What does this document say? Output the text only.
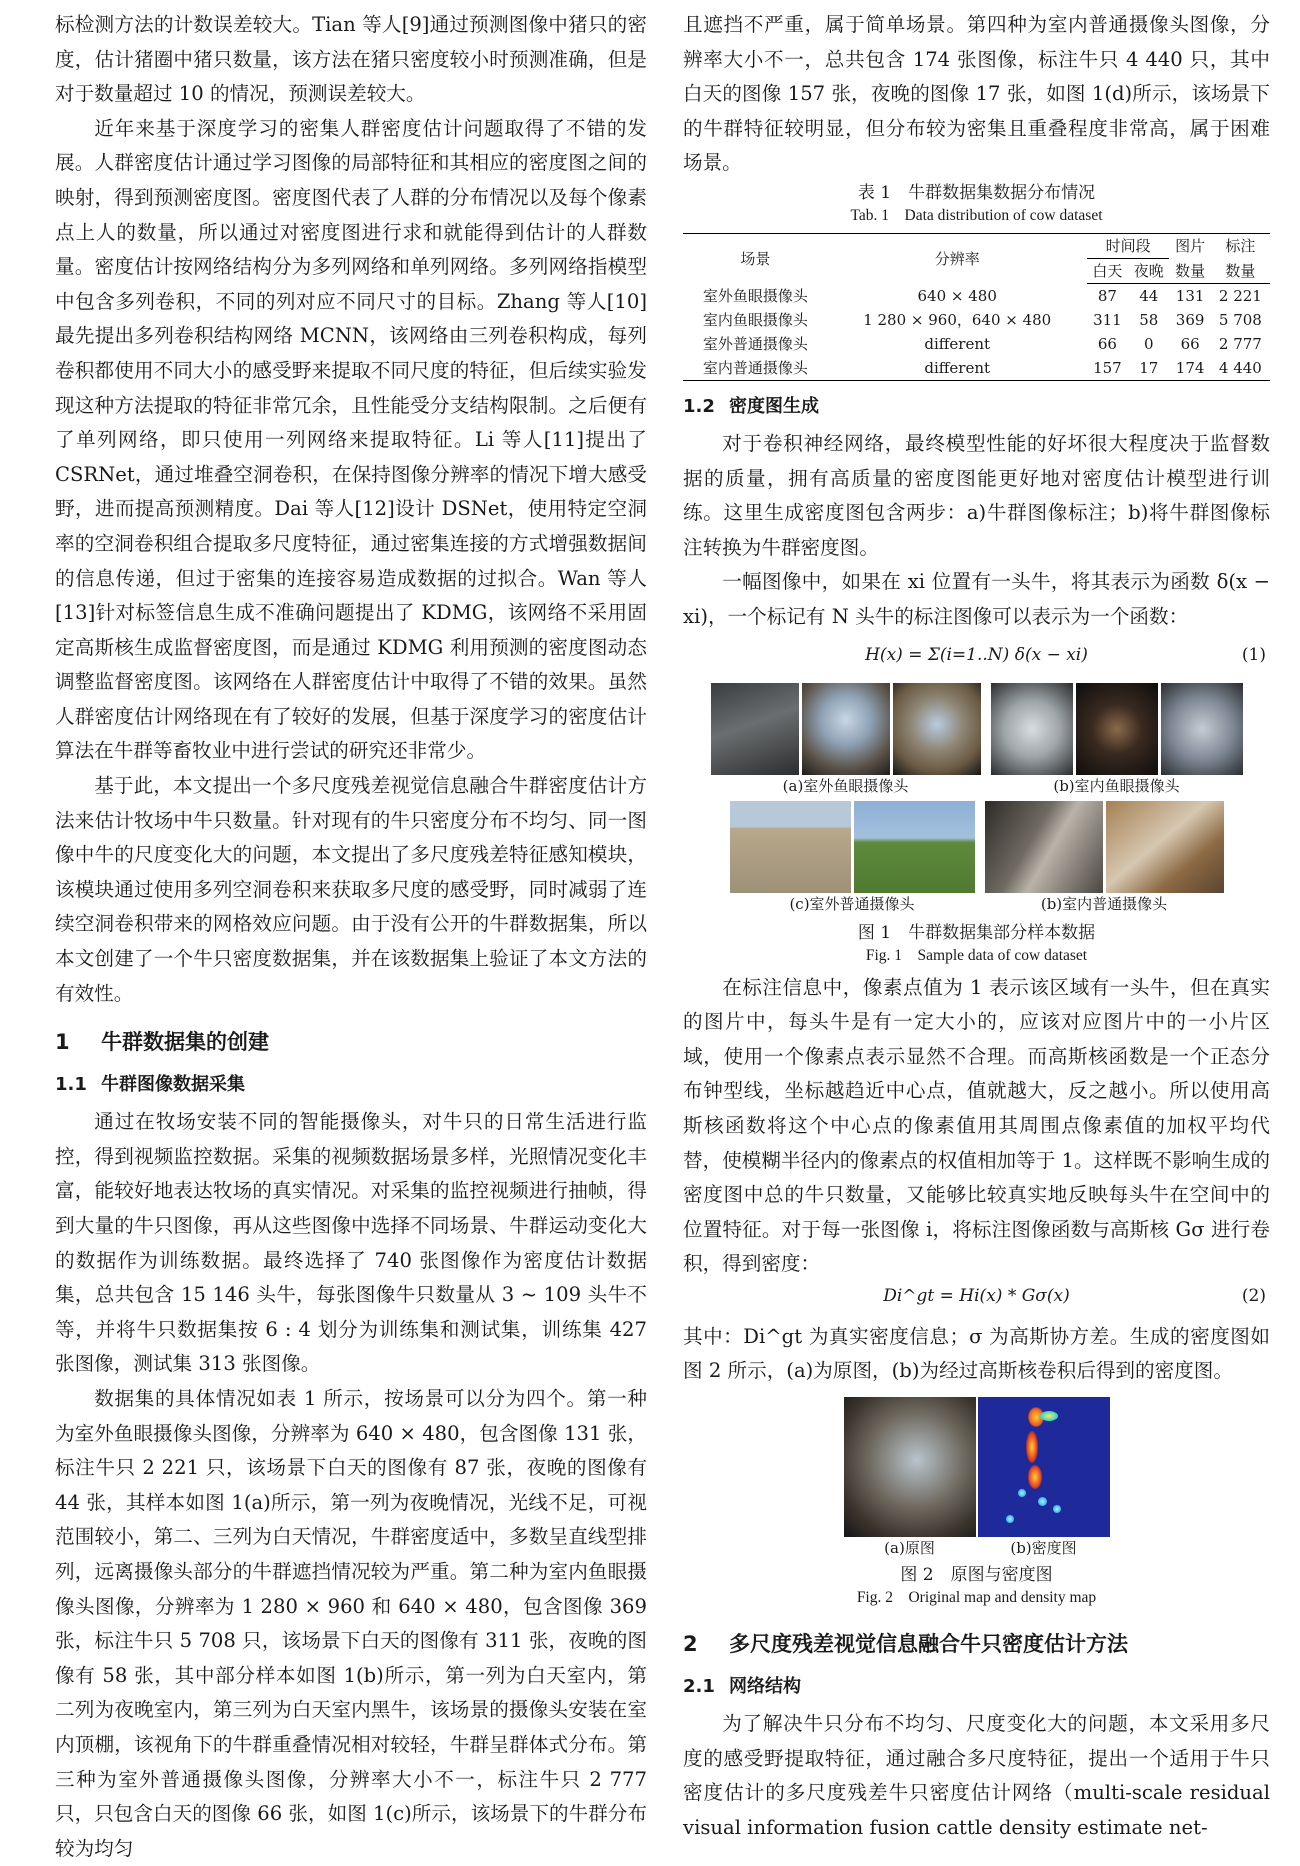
标检测方法的计数误差较大。Tian 等人[9]通过预测图像中猪只的密度，估计猪圈中猪只数量，该方法在猪只密度较小时预测准确，但是对于数量超过 10 的情况，预测误差较大。

近年来基于深度学习的密集人群密度估计问题取得了不错的发展。人群密度估计通过学习图像的局部特征和其相应的密度图之间的映射，得到预测密度图。密度图代表了人群的分布情况以及每个像素点上人的数量，所以通过对密度图进行求和就能得到估计的人群数量。密度估计按网络结构分为多列网络和单列网络。多列网络指模型中包含多列卷积，不同的列对应不同尺寸的目标。Zhang 等人[10]最先提出多列卷积结构网络 MCNN，该网络由三列卷积构成，每列卷积都使用不同大小的感受野来提取不同尺度的特征，但后续实验发现这种方法提取的特征非常冗余，且性能受分支结构限制。之后便有了单列网络，即只使用一列网络来提取特征。Li 等人[11]提出了 CSRNet，通过堆叠空洞卷积，在保持图像分辨率的情况下增大感受野，进而提高预测精度。Dai 等人[12]设计 DSNet，使用特定空洞率的空洞卷积组合提取多尺度特征，通过密集连接的方式增强数据间的信息传递，但过于密集的连接容易造成数据的过拟合。Wan 等人[13]针对标签信息生成不准确问题提出了 KDMG，该网络不采用固定高斯核生成监督密度图，而是通过 KDMG 利用预测的密度图动态调整监督密度图。该网络在人群密度估计中取得了不错的效果。虽然人群密度估计网络现在有了较好的发展，但基于深度学习的密度估计算法在牛群等畜牧业中进行尝试的研究还非常少。

基于此，本文提出一个多尺度残差视觉信息融合牛群密度估计方法来估计牧场中牛只数量。针对现有的牛只密度分布不均匀、同一图像中牛的尺度变化大的问题，本文提出了多尺度残差特征感知模块，该模块通过使用多列空洞卷积来获取多尺度的感受野，同时减弱了连续空洞卷积带来的网格效应问题。由于没有公开的牛群数据集，所以本文创建了一个牛只密度数据集，并在该数据集上验证了本文方法的有效性。

1 牛群数据集的创建
1.1 牛群图像数据采集

通过在牧场安装不同的智能摄像头，对牛只的日常生活进行监控，得到视频监控数据。采集的视频数据场景多样，光照情况变化丰富，能较好地表达牧场的真实情况。对采集的监控视频进行抽帧，得到大量的牛只图像，再从这些图像中选择不同场景、牛群运动变化大的数据作为训练数据。最终选择了 740 张图像作为密度估计数据集，总共包含 15 146 头牛，每张图像牛只数量从 3 ~ 109 头牛不等，并将牛只数据集按 6 : 4 划分为训练集和测试集，训练集 427 张图像，测试集 313 张图像。

数据集的具体情况如表 1 所示，按场景可以分为四个。第一种为室外鱼眼摄像头图像，分辨率为 640 × 480，包含图像 131 张，标注牛只 2 221 只，该场景下白天的图像有 87 张，夜晚的图像有 44 张，其样本如图 1(a)所示，第一列为夜晚情况，光线不足，可视范围较小，第二、三列为白天情况，牛群密度适中，多数呈直线型排列，远离摄像头部分的牛群遮挡情况较为严重。第二种为室内鱼眼摄像头图像，分辨率为 1 280 × 960 和 640 × 480，包含图像 369 张，标注牛只 5 708 只，该场景下白天的图像有 311 张，夜晚的图像有 58 张，其中部分样本如图 1(b)所示，第一列为白天室内，第二列为夜晚室内，第三列为白天室内黑牛，该场景的摄像头安装在室内顶棚，该视角下的牛群重叠情况相对较轻，牛群呈群体式分布。第三种为室外普通摄像头图像，分辨率大小不一，标注牛只 2 777 只，只包含白天的图像 66 张，如图 1(c)所示，该场景下的牛群分布较为均匀

且遮挡不严重，属于简单场景。第四种为室内普通摄像头图像，分辨率大小不一，总共包含 174 张图像，标注牛只 4 440 只，其中白天的图像 157 张，夜晚的图像 17 张，如图 1(d)所示，该场景下的牛群特征较明显，但分布较为密集且重叠程度非常高，属于困难场景。

表 1　牛群数据集数据分布情况
Tab. 1　Data distribution of cow dataset
场景	分辨率	时间段		图片	标注
		白天	夜晚	数量	数量
室外鱼眼摄像头	640 × 480	87	44	131	2 221
室内鱼眼摄像头	1 280 × 960，640 × 480	311	58	369	5 708
室外普通摄像头	different	66	0	66	2 777
室内普通摄像头	different	157	17	174	4 440
1.2 密度图生成

对于卷积神经网络，最终模型性能的好坏很大程度决于监督数据的质量，拥有高质量的密度图能更好地对密度估计模型进行训练。这里生成密度图包含两步：a)牛群图像标注；b)将牛群图像标注转换为牛群密度图。

一幅图像中，如果在 xi 位置有一头牛，将其表示为函数 δ(x − xi)，一个标记有 N 头牛的标注图像可以表示为一个函数：

H(x) = Σ(i=1..N) δ(x − xi)	(1)
(a)室外鱼眼摄像头	(b)室内鱼眼摄像头
(c)室外普通摄像头	(b)室内普通摄像头
图 1　牛群数据集部分样本数据
Fig. 1　Sample data of cow dataset

在标注信息中，像素点值为 1 表示该区域有一头牛，但在真实的图片中，每头牛是有一定大小的，应该对应图片中的一小片区域，使用一个像素点表示显然不合理。而高斯核函数是一个正态分布钟型线，坐标越趋近中心点，值就越大，反之越小。所以使用高斯核函数将这个中心点的像素值用其周围点像素值的加权平均代替，使模糊半径内的像素点的权值相加等于 1。这样既不影响生成的密度图中总的牛只数量，又能够比较真实地反映每头牛在空间中的位置特征。对于每一张图像 i，将标注图像函数与高斯核 Gσ 进行卷积，得到密度：

Di^gt = Hi(x) * Gσ(x)	(2)

其中：Di^gt 为真实密度信息；σ 为高斯协方差。生成的密度图如图 2 所示，(a)为原图，(b)为经过高斯核卷积后得到的密度图。

(a)原图	(b)密度图
图 2　原图与密度图
Fig. 2　Original map and density map
2 多尺度残差视觉信息融合牛只密度估计方法
2.1 网络结构

为了解决牛只分布不均匀、尺度变化大的问题，本文采用多尺度的感受野提取特征，通过融合多尺度特征，提出一个适用于牛只密度估计的多尺度残差牛只密度估计网络（multi-scale residual visual information fusion cattle density estimate net-
